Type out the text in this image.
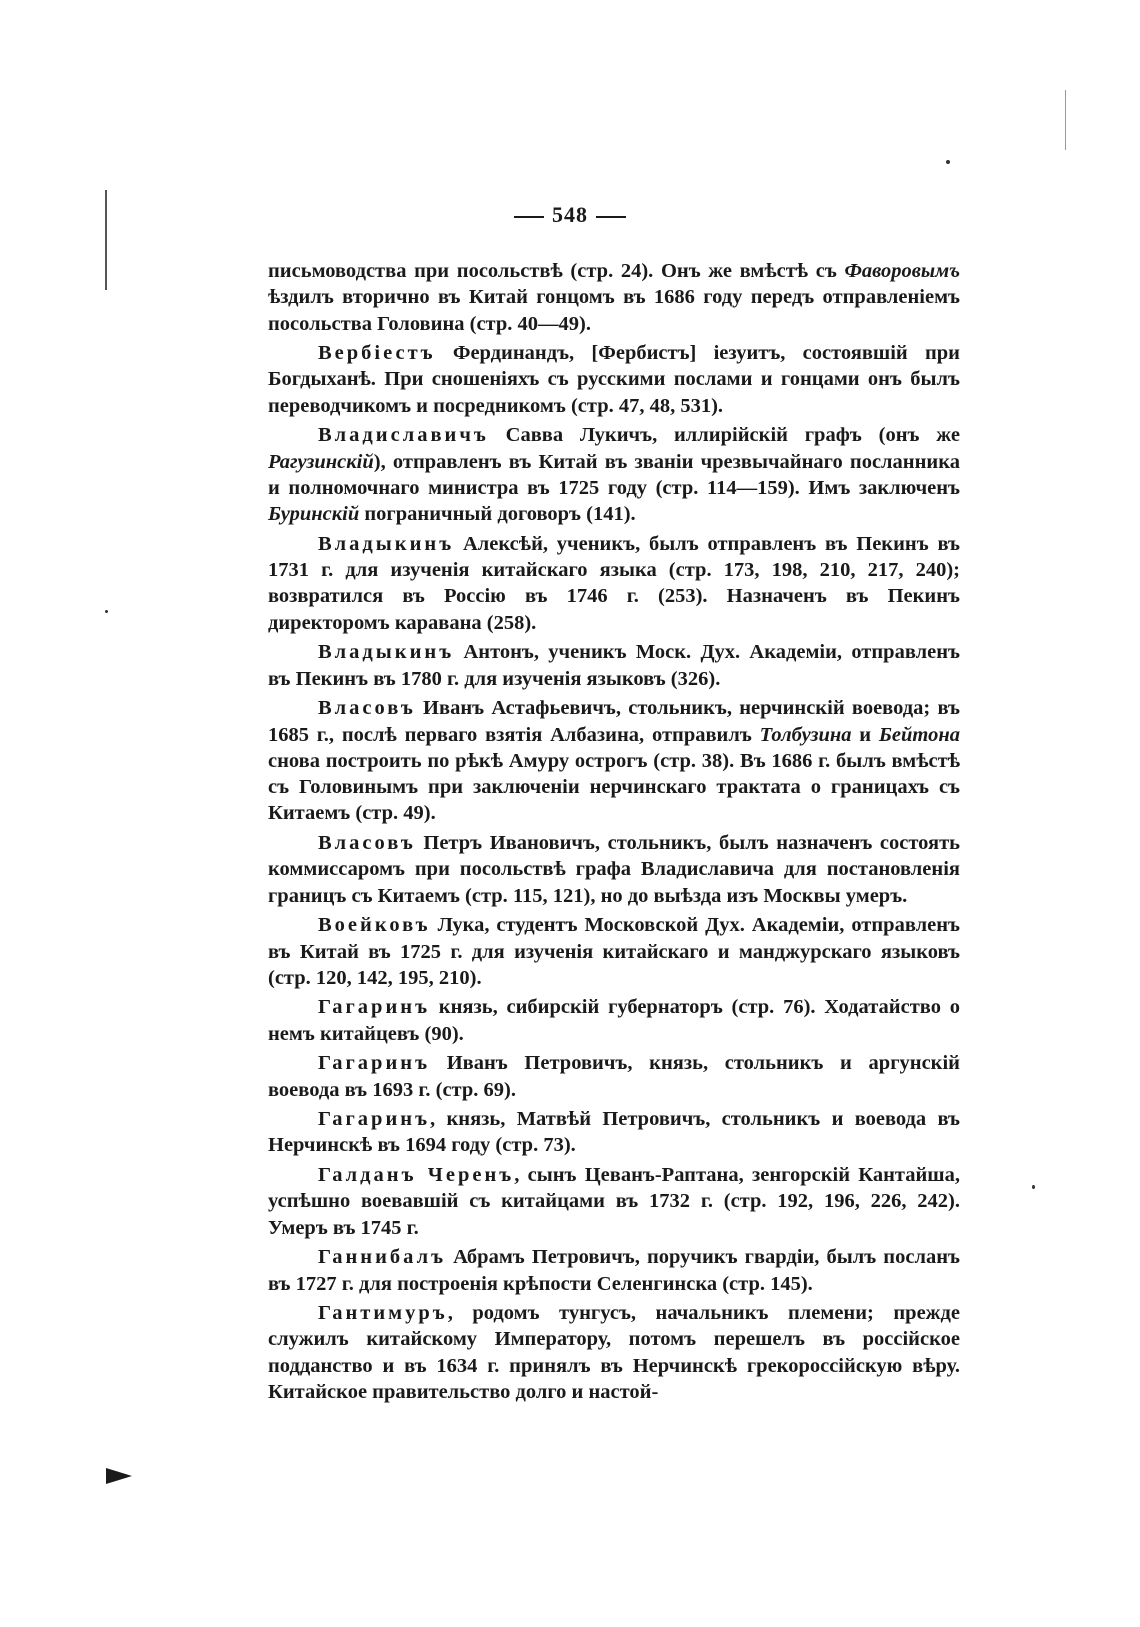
548

письмоводства при посольствѣ (стр. 24). Онъ же вмѣстѣ съ Фаворовымъ ѣздилъ вторично въ Китай гонцомъ въ 1686 году передъ отправленіемъ посольства Головина (стр. 40—49).

Вербіестъ Фердинандъ, [Фербистъ] іезуитъ, состоявшій при Богдыханѣ. При сношеніяхъ съ русскими послами и гонцами онъ былъ переводчикомъ и посредникомъ (стр. 47, 48, 531).

Владиславичъ Савва Лукичъ, иллирійскій графъ (онъ же Рагузинскій), отправленъ въ Китай въ званіи чрезвычайнаго посланника и полномочнаго министра въ 1725 году (стр. 114—159). Имъ заключенъ Буринскій пограничный договоръ (141).

Владыкинъ Алексѣй, ученикъ, былъ отправленъ въ Пекинъ въ 1731 г. для изученія китайскаго языка (стр. 173, 198, 210, 217, 240); возвратился въ Россію въ 1746 г. (253). Назначенъ въ Пекинъ директоромъ каравана (258).

Владыкинъ Антонъ, ученикъ Моск. Дух. Академіи, отправленъ въ Пекинъ въ 1780 г. для изученія языковъ (326).

Власовъ Иванъ Астафьевичъ, стольникъ, нерчинскій воевода; въ 1685 г., послѣ перваго взятія Албазина, отправилъ Толбузина и Бейтона снова построить по рѣкѣ Амуру острогъ (стр. 38). Въ 1686 г. былъ вмѣстѣ съ Головинымъ при заключеніи нерчинскаго трактата о границахъ съ Китаемъ (стр. 49).

Власовъ Петръ Ивановичъ, стольникъ, былъ назначенъ состоять коммиссаромъ при посольствѣ графа Владиславича для постановленія границъ съ Китаемъ (стр. 115, 121), но до выѣзда изъ Москвы умеръ.

Воейковъ Лука, студентъ Московской Дух. Академіи, отправленъ въ Китай въ 1725 г. для изученія китайскаго и манджурскаго языковъ (стр. 120, 142, 195, 210).

Гагаринъ князь, сибирскій губернаторъ (стр. 76). Ходатайство о немъ китайцевъ (90).

Гагаринъ Иванъ Петровичъ, князь, стольникъ и аргунскій воевода въ 1693 г. (стр. 69).

Гагаринъ, князь, Матвѣй Петровичъ, стольникъ и воевода въ Нерчинскѣ въ 1694 году (стр. 73).

Галданъ Черенъ, сынъ Цеванъ-Раптана, зенгорскій Кантайша, успѣшно воевавшій съ китайцами въ 1732 г. (стр. 192, 196, 226, 242). Умеръ въ 1745 г.

Ганнибалъ Абрамъ Петровичъ, поручикъ гвардіи, былъ посланъ въ 1727 г. для построенія крѣпости Селенгинска (стр. 145).

Гантимуръ, родомъ тунгусъ, начальникъ племени; прежде служилъ китайскому Императору, потомъ перешелъ въ россійское подданство и въ 1634 г. принялъ въ Нерчинскѣ грекороссійскую вѣру. Китайское правительство долго и настой-
